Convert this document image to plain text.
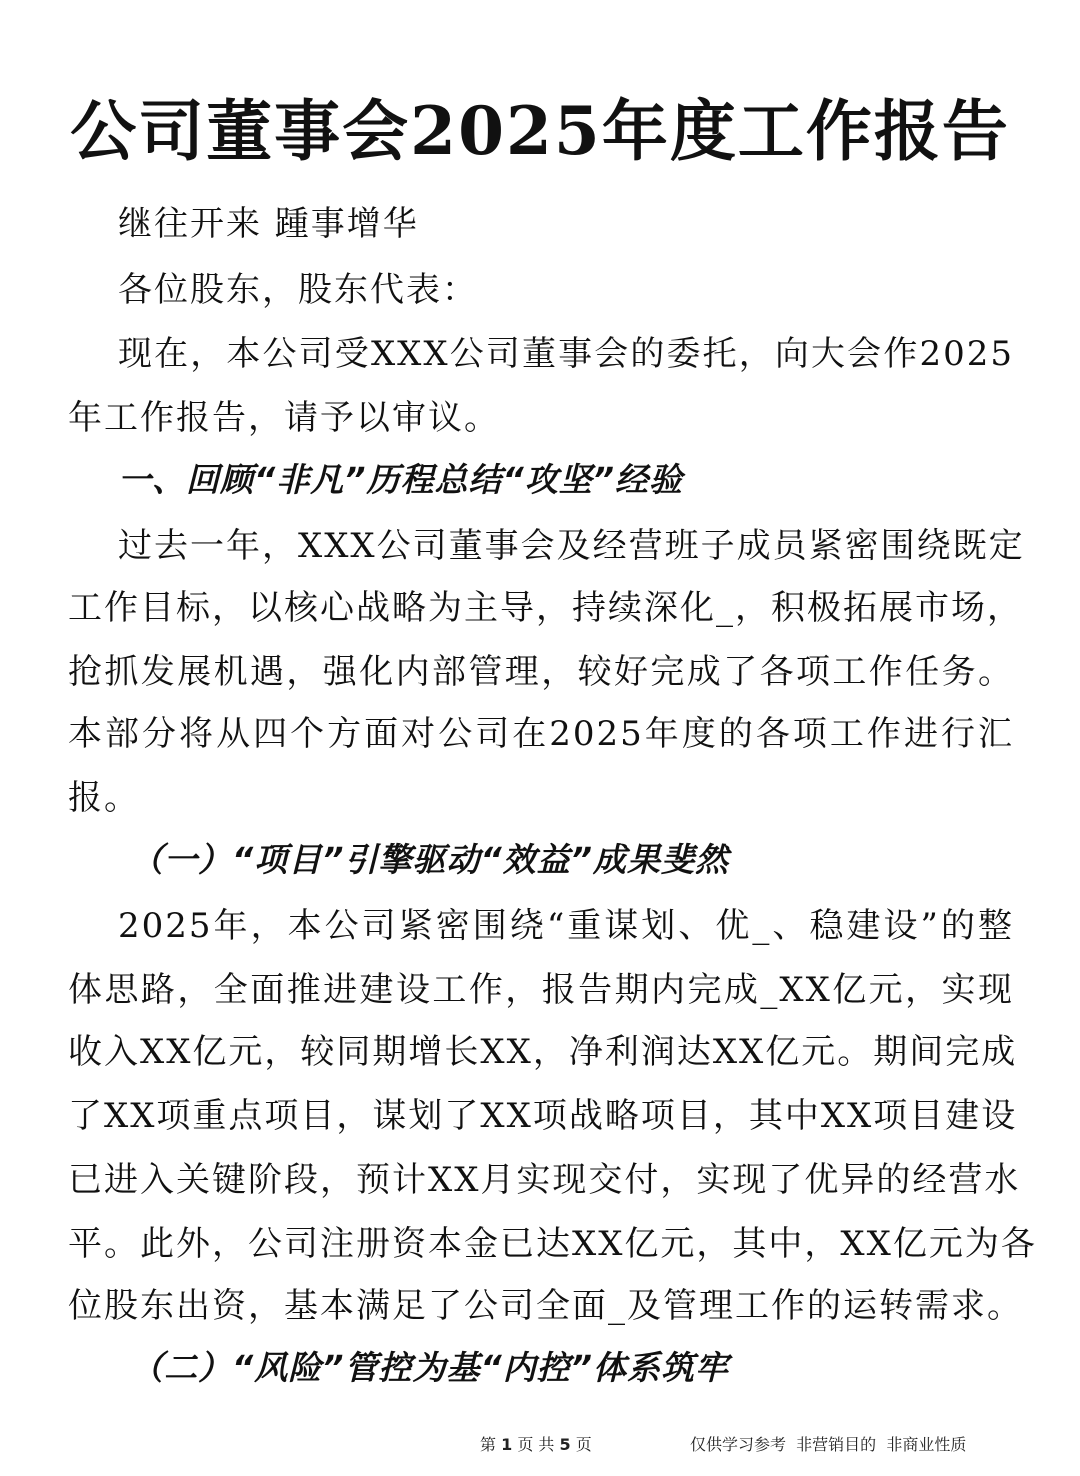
公司董事会2025年度工作报告
继往开来 踵事增华
各位股东，股东代表：
现在，本公司受XXX公司董事会的委托，向大会作2025
年工作报告，请予以审议。
一、回顾“非凡”历程总结“攻坚”经验
过去一年，XXX公司董事会及经营班子成员紧密围绕既定
工作目标，以核心战略为主导，持续深化_，积极拓展市场，
抢抓发展机遇，强化内部管理，较好完成了各项工作任务。
本部分将从四个方面对公司在2025年度的各项工作进行汇
报。
（一）“项目”引擎驱动“效益”成果斐然
2025年，本公司紧密围绕“重谋划、优_、稳建设”的整
体思路，全面推进建设工作，报告期内完成_XX亿元，实现
收入XX亿元，较同期增长XX，净利润达XX亿元。期间完成
了XX项重点项目，谋划了XX项战略项目，其中XX项目建设
已进入关键阶段，预计XX月实现交付，实现了优异的经营水
平。此外，公司注册资本金已达XX亿元，其中，XX亿元为各
位股东出资，基本满足了公司全面_及管理工作的运转需求。
（二）“风险”管控为基“内控”体系筑牢
第 1 页 共 5 页	仅供学习参考  非营销目的  非商业性质
